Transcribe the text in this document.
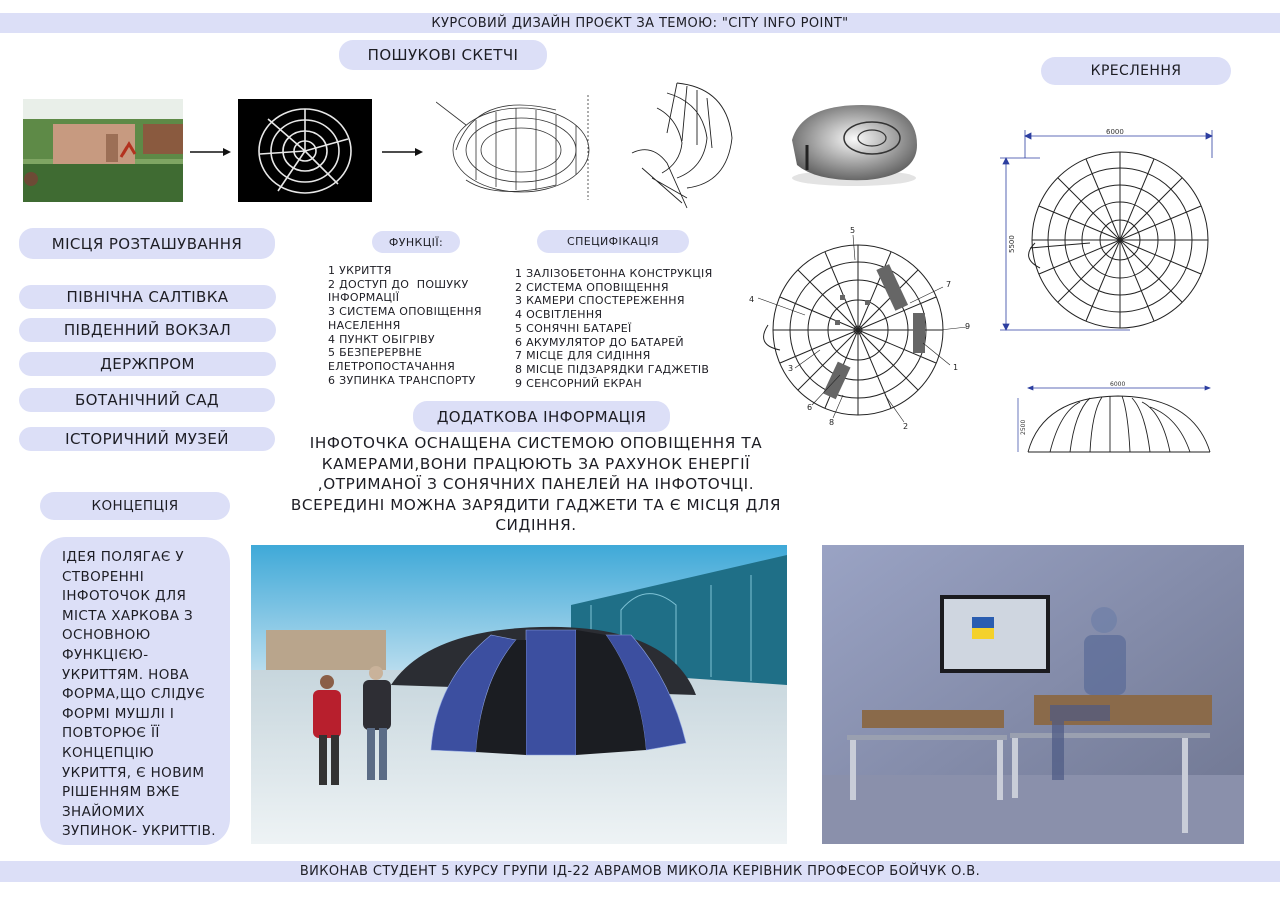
КУРСОВИЙ ДИЗАЙН ПРОЄКТ ЗА ТЕМОЮ: "CITY INFO POINT"
ПОШУКОВІ СКЕТЧІ
КРЕСЛЕННЯ
6000
5500
6000
2500
1
2
3
4
5
6
7
8
9
МІСЦЯ РОЗТАШУВАННЯ
ПІВНІЧНА САЛТІВКА
ПІВДЕННИЙ ВОКЗАЛ
ДЕРЖПРОМ
БОТАНІЧНИЙ САД
ІСТОРИЧНИЙ МУЗЕЙ
ФУНКЦІЇ:
1 УКРИТТЯ
2 ДОСТУП ДО  ПОШУКУ
ІНФОРМАЦІЇ
3 СИСТЕМА ОПОВІЩЕННЯ
НАСЕЛЕННЯ
4 ПУНКТ ОБІГРІВУ
5 БЕЗПЕРЕРВНЕ
ЕЛЕТРОПОСТАЧАННЯ
6 ЗУПИНКА ТРАНСПОРТУ
СПЕЦИФІКАЦІЯ
1 ЗАЛІЗОБЕТОННА КОНСТРУКЦІЯ
2 СИСТЕМА ОПОВІЩЕННЯ
3 КАМЕРИ СПОСТЕРЕЖЕННЯ
4 ОСВІТЛЕННЯ
5 СОНЯЧНІ БАТАРЕЇ
6 АКУМУЛЯТОР ДО БАТАРЕЙ
7 МІСЦЕ ДЛЯ СИДІННЯ
8 МІСЦЕ ПІДЗАРЯДКИ ГАДЖЕТІВ
9 СЕНСОРНИЙ ЕКРАН
ДОДАТКОВА ІНФОРМАЦІЯ
ІНФОТОЧКА ОСНАЩЕНА СИСТЕМОЮ ОПОВІЩЕННЯ ТА КАМЕРАМИ,ВОНИ ПРАЦЮЮТЬ ЗА РАХУНОК ЕНЕРГІЇ ,ОТРИМАНОЇ З СОНЯЧНИХ ПАНЕЛЕЙ НА ІНФОТОЧЦІ. ВСЕРЕДИНІ МОЖНА ЗАРЯДИТИ ГАДЖЕТИ ТА Є МІСЦЯ ДЛЯ СИДІННЯ.
КОНЦЕПЦІЯ

ІДЕЯ ПОЛЯГАЄ У СТВОРЕННІ ІНФОТОЧОК ДЛЯ МІСТА ХАРКОВА З ОСНОВНОЮ ФУНКЦІЄЮ- УКРИТТЯМ. НОВА ФОРМА,ЩО СЛІДУЄ ФОРМІ МУШЛІ І ПОВТОРЮЄ ЇЇ КОНЦЕПЦІЮ УКРИТТЯ, Є НОВИМ РІШЕННЯМ ВЖЕ ЗНАЙОМИХ ЗУПИНОК- УКРИТТІВ.

ВИКОНАВ СТУДЕНТ 5 КУРСУ ГРУПИ ІД-22 АВРАМОВ МИКОЛА КЕРІВНИК ПРОФЕСОР БОЙЧУК О.В.
